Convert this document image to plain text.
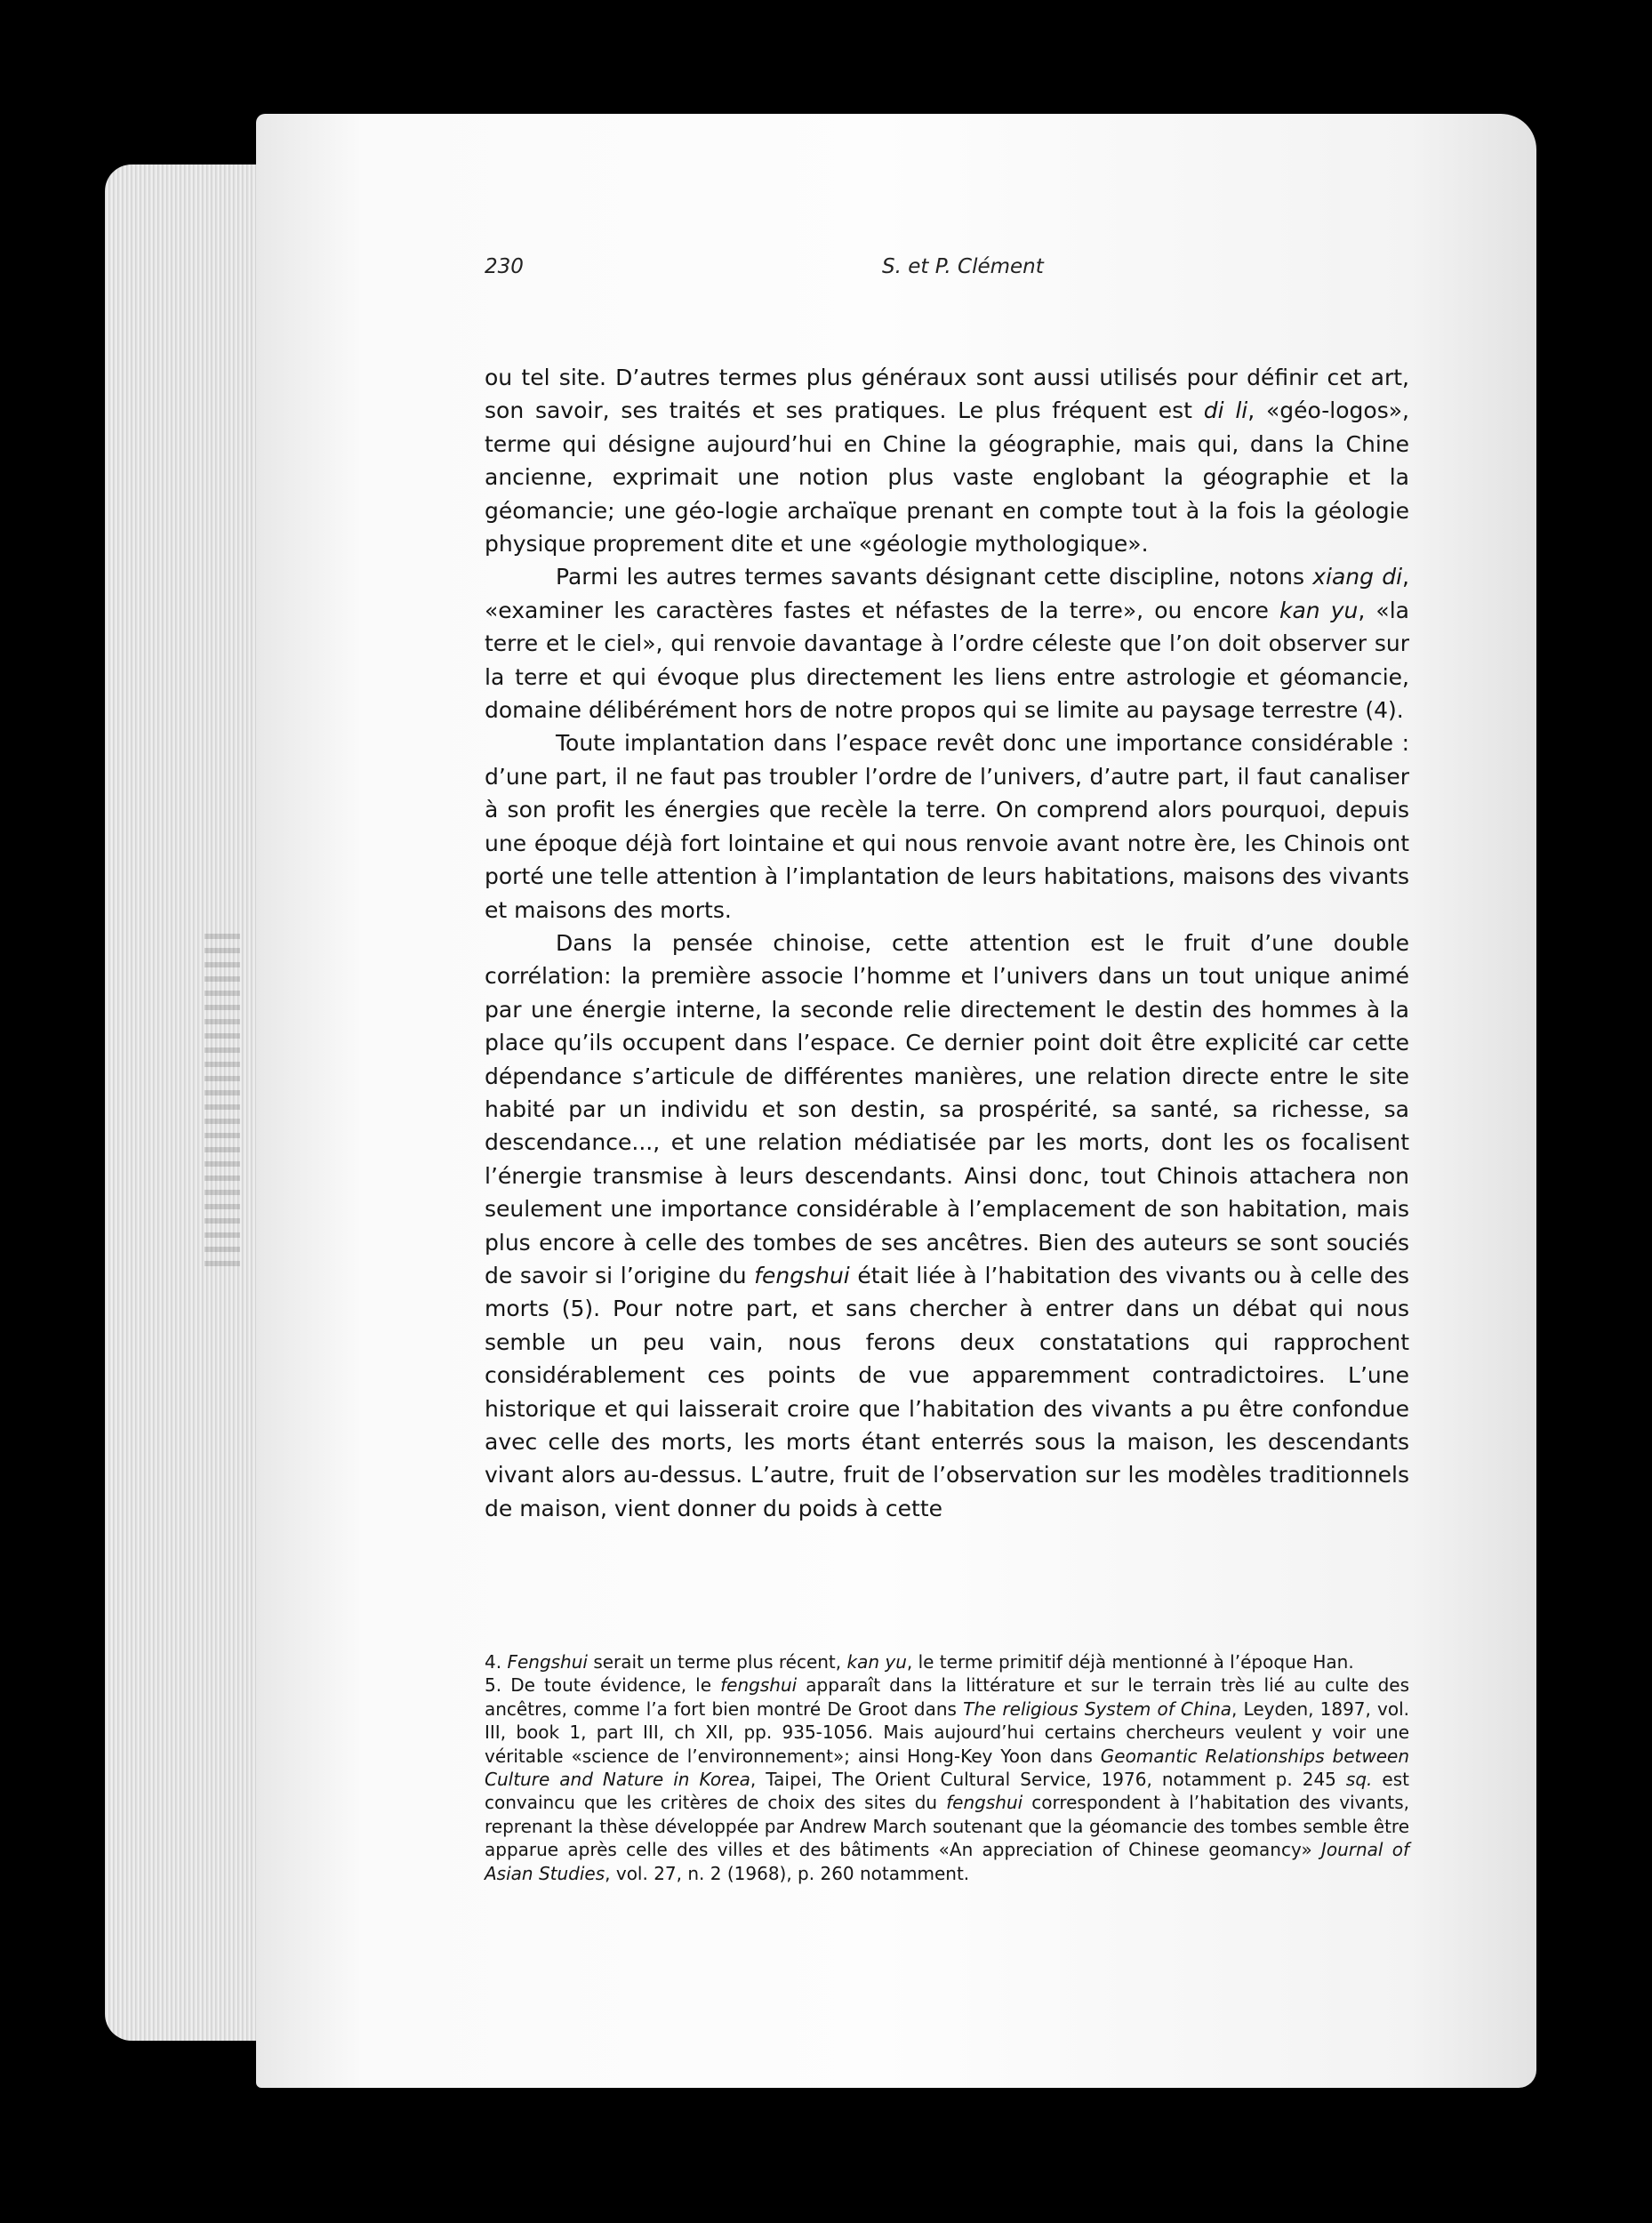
230	S. et P. Clément

ou tel site. D’autres termes plus généraux sont aussi utilisés pour définir cet art, son savoir, ses traités et ses pratiques. Le plus fréquent est di li, «géo-logos», terme qui désigne aujourd’hui en Chine la géographie, mais qui, dans la Chine ancienne, exprimait une notion plus vaste englobant la géographie et la géomancie; une géo-logie archaïque prenant en compte tout à la fois la géologie physique proprement dite et une «géologie mythologique».

Parmi les autres termes savants désignant cette discipline, notons xiang di, «examiner les caractères fastes et néfastes de la terre», ou encore kan yu, «la terre et le ciel», qui renvoie davantage à l’ordre céleste que l’on doit observer sur la terre et qui évoque plus directement les liens entre astrologie et géomancie, domaine délibérément hors de notre propos qui se limite au paysage terrestre (4).

Toute implantation dans l’espace revêt donc une importance considérable : d’une part, il ne faut pas troubler l’ordre de l’univers, d’autre part, il faut canaliser à son profit les énergies que recèle la terre. On comprend alors pourquoi, depuis une époque déjà fort lointaine et qui nous renvoie avant notre ère, les Chinois ont porté une telle attention à l’implantation de leurs habitations, maisons des vivants et maisons des morts.

Dans la pensée chinoise, cette attention est le fruit d’une double corrélation: la première associe l’homme et l’univers dans un tout unique animé par une énergie interne, la seconde relie directement le destin des hommes à la place qu’ils occupent dans l’espace. Ce dernier point doit être explicité car cette dépendance s’articule de différentes manières, une relation directe entre le site habité par un individu et son destin, sa prospérité, sa santé, sa richesse, sa descendance..., et une relation médiatisée par les morts, dont les os focalisent l’énergie transmise à leurs descendants. Ainsi donc, tout Chinois attachera non seulement une importance considérable à l’emplacement de son habitation, mais plus encore à celle des tombes de ses ancêtres. Bien des auteurs se sont souciés de savoir si l’origine du fengshui était liée à l’habitation des vivants ou à celle des morts (5). Pour notre part, et sans chercher à entrer dans un débat qui nous semble un peu vain, nous ferons deux constatations qui rapprochent considérablement ces points de vue apparemment contradictoires. L’une historique et qui laisserait croire que l’habitation des vivants a pu être confondue avec celle des morts, les morts étant enterrés sous la maison, les descendants vivant alors au-dessus. L’autre, fruit de l’observation sur les modèles traditionnels de maison, vient donner du poids à cette

4. Fengshui serait un terme plus récent, kan yu, le terme primitif déjà mentionné à l’époque Han.

5. De toute évidence, le fengshui apparaît dans la littérature et sur le terrain très lié au culte des ancêtres, comme l’a fort bien montré De Groot dans The religious System of China, Leyden, 1897, vol. III, book 1, part III, ch XII, pp. 935-1056. Mais aujourd’hui certains chercheurs veulent y voir une véritable «science de l’environnement»; ainsi Hong-Key Yoon dans Geomantic Relationships between Culture and Nature in Korea, Taipei, The Orient Cultural Service, 1976, notamment p. 245 sq. est convaincu que les critères de choix des sites du fengshui correspondent à l’habitation des vivants, reprenant la thèse développée par Andrew March soutenant que la géomancie des tombes semble être apparue après celle des villes et des bâtiments «An appreciation of Chinese geomancy» Journal of Asian Studies, vol. 27, n. 2 (1968), p. 260 notamment.
